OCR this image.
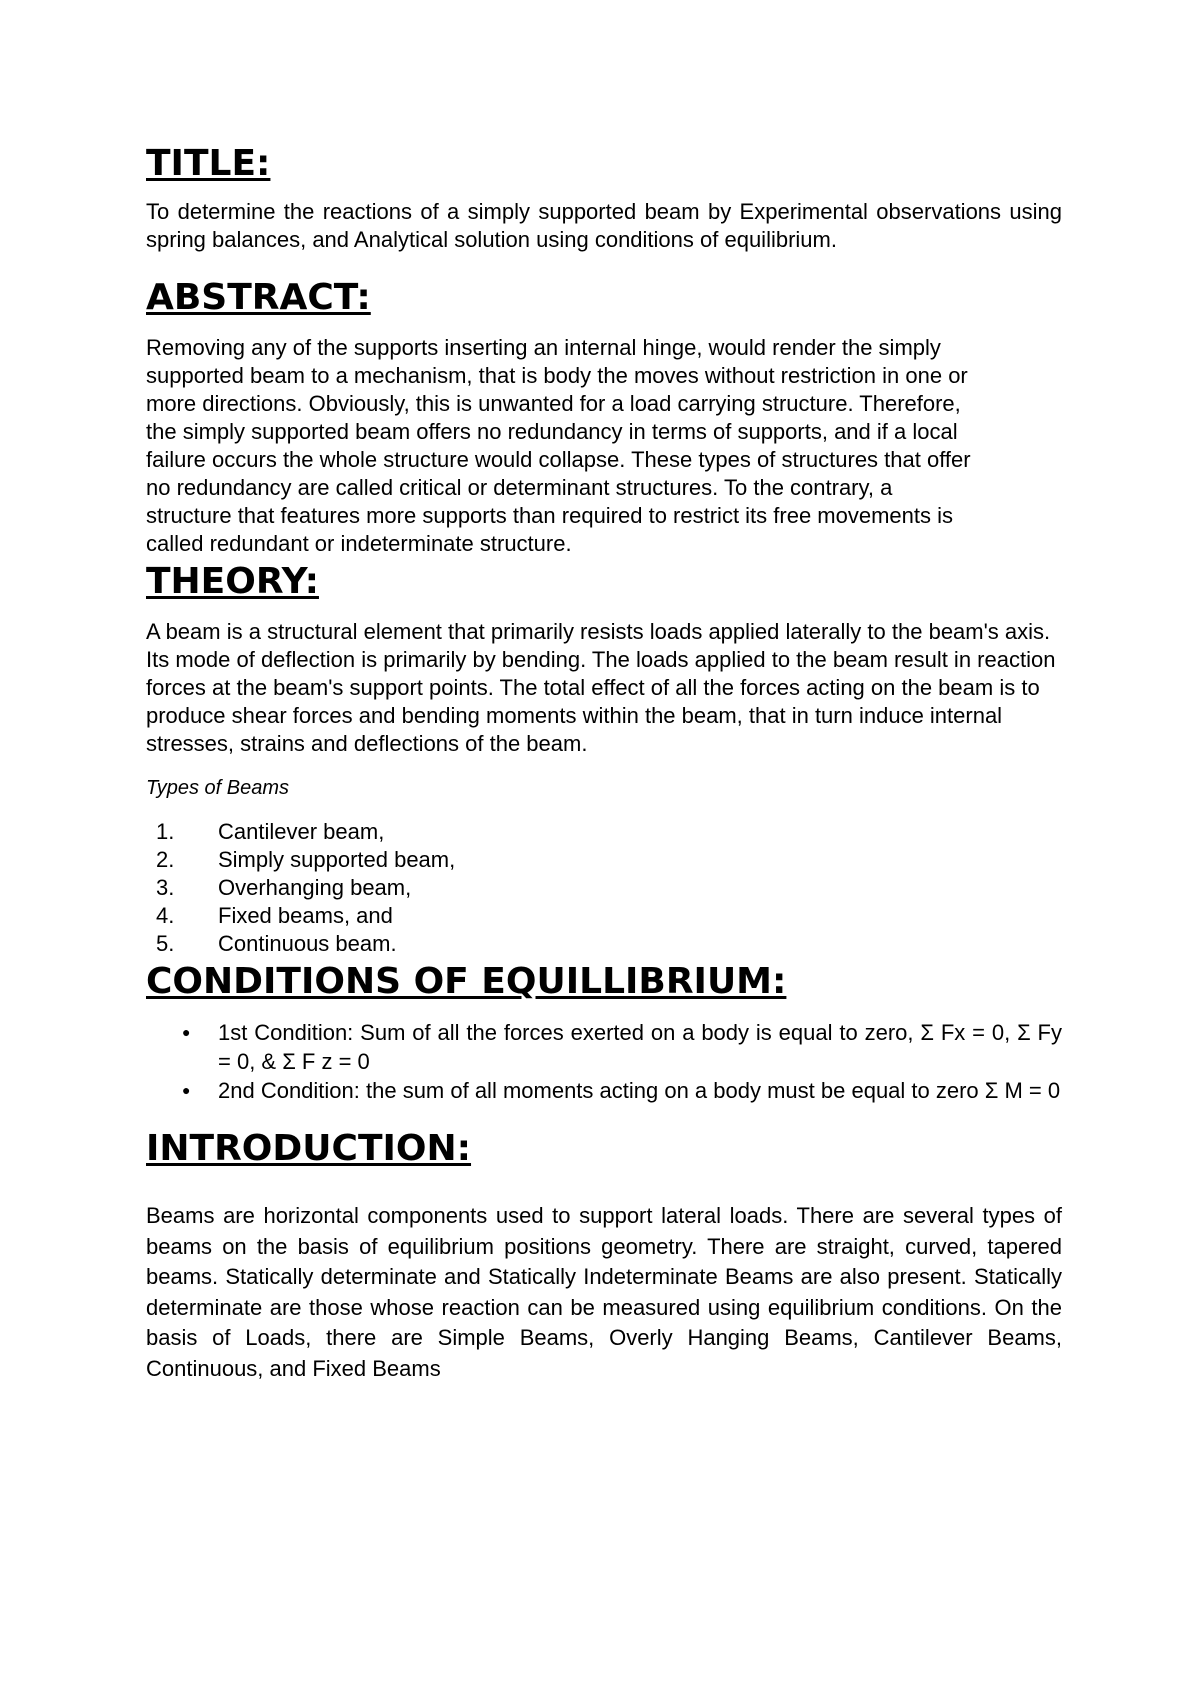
TITLE:

To determine the reactions of a simply supported beam by Experimental observations using spring balances, and Analytical solution using conditions of equilibrium.

ABSTRACT:

Removing any of the supports inserting an internal hinge, would render the simply supported beam to a mechanism, that is body the moves without restriction in one or more directions. Obviously, this is unwanted for a load carrying structure. Therefore, the simply supported beam offers no redundancy in terms of supports, and if a local failure occurs the whole structure would collapse. These types of structures that offer no redundancy are called critical or determinant structures. To the contrary, a structure that features more supports than required to restrict its free movements is called redundant or indeterminate structure.

THEORY:

A beam is a structural element that primarily resists loads applied laterally to the beam's axis. Its mode of deflection is primarily by bending. The loads applied to the beam result in reaction forces at the beam's support points. The total effect of all the forces acting on the beam is to produce shear forces and bending moments within the beam, that in turn induce internal stresses, strains and deflections of the beam.

Types of Beams

1.	Cantilever beam,
2.	Simply supported beam,
3.	Overhanging beam,
4.	Fixed beams, and
5.	Continuous beam.
CONDITIONS OF EQUILLIBRIUM:
●	1st Condition: Sum of all the forces exerted on a body is equal to zero, Σ Fx = 0, Σ Fy = 0, & Σ F z = 0
●	2nd Condition: the sum of all moments acting on a body must be equal to zero Σ M = 0
INTRODUCTION:

Beams are horizontal components used to support lateral loads. There are several types of beams on the basis of equilibrium positions geometry. There are straight, curved, tapered beams. Statically determinate and Statically Indeterminate Beams are also present. Statically determinate are those whose reaction can be measured using equilibrium conditions. On the basis of Loads, there are Simple Beams, Overly Hanging Beams, Cantilever Beams, Continuous, and Fixed Beams
